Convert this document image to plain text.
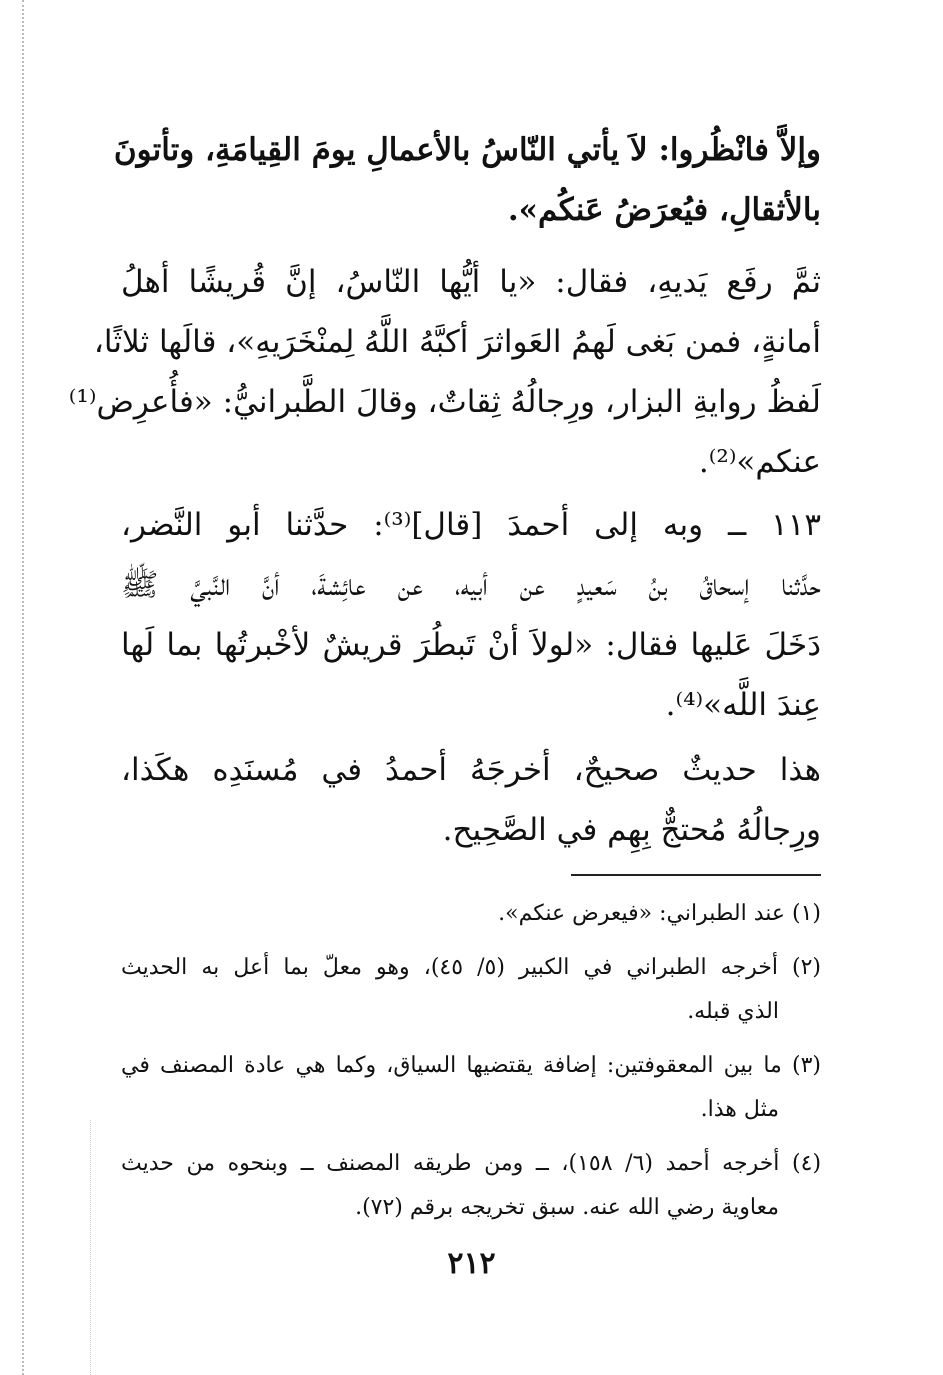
وإلاَّ فانْظُروا: لاَ يأتي النّاسُ بالأعمالِ يومَ القِيامَةِ، وتأتونَ
بالأثقالِ، فيُعرَضُ عَنكُم».
ثمَّ رفَع يَديهِ، فقال: «يا أيُّها النّاسُ، إنَّ قُريشًا أهلُ
أمانةٍ، فمن بَغى لَهمُ العَواثرَ أكبَّهُ اللَّهُ لِمنْخَرَيهِ»، قالَها ثلاثًا،
لَفظُ روايةِ البزار، ورِجالُهُ ثِقاتٌ، وقالَ الطَّبرانيُّ: «فأُعرِض⁽¹⁾
عنكم»⁽²⁾.
١١٣ ــ وبه إلى أحمدَ [قال]⁽³⁾: حدَّثنا أبو النَّضر،
حدَّثنا إسحاقُ بنُ سَعيدٍ عن أبيه، عن عائِشةَ، أنَّ النَّبيَّ ﷺ
دَخَلَ عَليها فقال: «لولاَ أنْ تَبطُرَ قريشٌ لأخْبرتُها بما لَها
عِندَ اللَّه»⁽⁴⁾.
هذا حديثٌ صحيحٌ، أخرجَهُ أحمدُ في مُسنَدِه هكَذا،
ورِجالُهُ مُحتجٌّ بِهِم في الصَّحِيح.
(١) عند الطبراني: «فيعرض عنكم».
(٢) أخرجه الطبراني في الكبير (٥/ ٤٥)، وهو معلّ بما أعل به الحديث
الذي قبله.
(٣) ما بين المعقوفتين: إضافة يقتضيها السياق، وكما هي عادة المصنف في
مثل هذا.
(٤) أخرجه أحمد (٦/ ١٥٨)، ــ ومن طريقه المصنف ــ وبنحوه من حديث
معاوية رضي الله عنه. سبق تخريجه برقم (٧٢).
٢١٢
